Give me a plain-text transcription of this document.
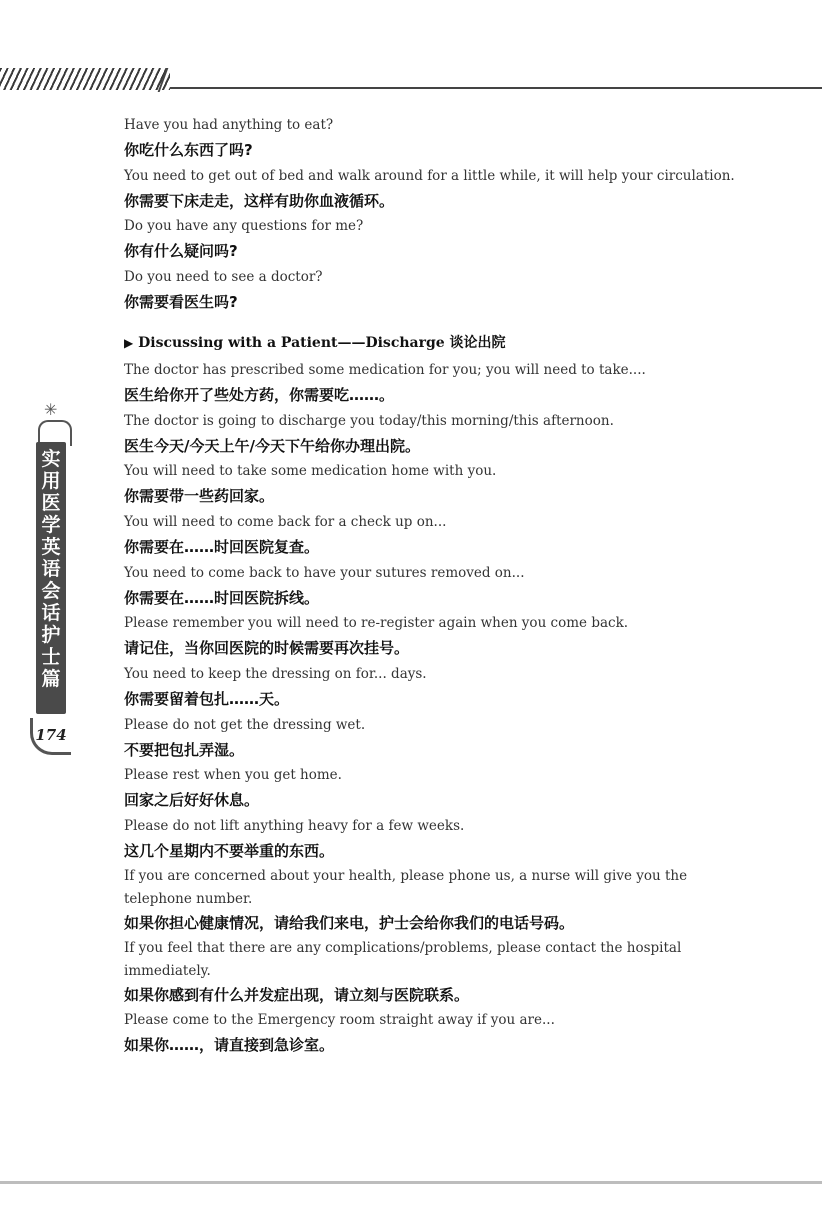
✳
实用医学英语会话 护士篇
174

Have you had anything to eat?

你吃什么东西了吗?

You need to get out of bed and walk around for a little while, it will help your circulation.

你需要下床走走，这样有助你血液循环。

Do you have any questions for me?

你有什么疑问吗?

Do you need to see a doctor?

你需要看医生吗?

▶ Discussing with a Patient——Discharge 谈论出院

The doctor has prescribed some medication for you; you will need to take....

医生给你开了些处方药，你需要吃……。

The doctor is going to discharge you today/this morning/this afternoon.

医生今天/今天上午/今天下午给你办理出院。

You will need to take some medication home with you.

你需要带一些药回家。

You will need to come back for a check up on...

你需要在……时回医院复查。

You need to come back to have your sutures removed on...

你需要在……时回医院拆线。

Please remember you will need to re-register again when you come back.

请记住，当你回医院的时候需要再次挂号。

You need to keep the dressing on for... days.

你需要留着包扎……天。

Please do not get the dressing wet.

不要把包扎弄湿。

Please rest when you get home.

回家之后好好休息。

Please do not lift anything heavy for a few weeks.

这几个星期内不要举重的东西。

If you are concerned about your health, please phone us, a nurse will give you the telephone number.

如果你担心健康情况，请给我们来电，护士会给你我们的电话号码。

If you feel that there are any complications/problems, please contact the hospital immediately.

如果你感到有什么并发症出现，请立刻与医院联系。

Please come to the Emergency room straight away if you are...

如果你……，请直接到急诊室。
